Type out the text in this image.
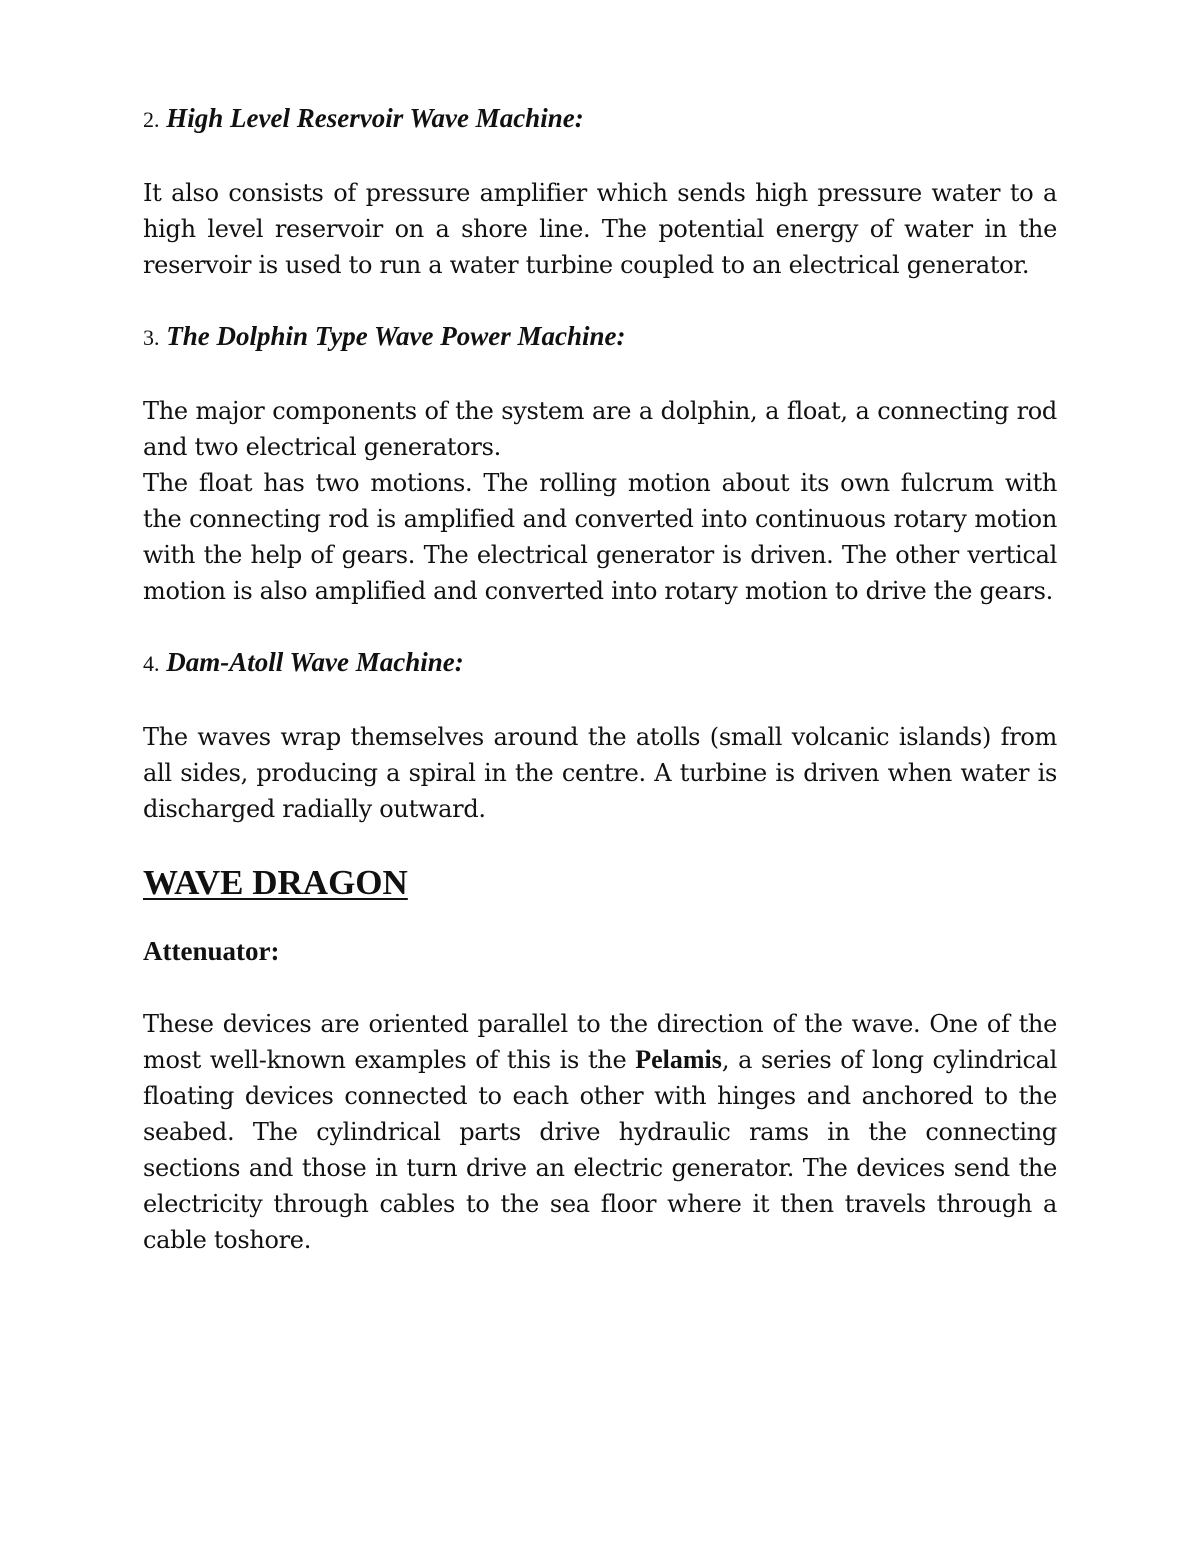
2. High Level Reservoir Wave Machine:

It also consists of pressure amplifier which sends high pressure water to a high level reservoir on a shore line. The potential energy of water in the reservoir is used to run a water turbine coupled to an electrical generator.

3. The Dolphin Type Wave Power Machine:

The major components of the system are a dolphin, a float, a connecting rod and two electrical generators.

The float has two motions. The rolling motion about its own fulcrum with the connecting rod is amplified and converted into continuous rotary motion with the help of gears. The electrical generator is driven. The other vertical motion is also amplified and converted into rotary motion to drive the gears.

4. Dam-Atoll Wave Machine:

The waves wrap themselves around the atolls (small volcanic islands) from all sides, producing a spiral in the centre. A turbine is driven when water is discharged radially outward.

WAVE DRAGON
Attenuator:

These devices are oriented parallel to the direction of the wave. One of the most well-known examples of this is the Pelamis, a series of long cylindrical floating devices connected to each other with hinges and anchored to the seabed. The cylindrical parts drive hydraulic rams in the connecting sections and those in turn drive an electric generator. The devices send the electricity through cables to the sea floor where it then travels through a cable toshore.
